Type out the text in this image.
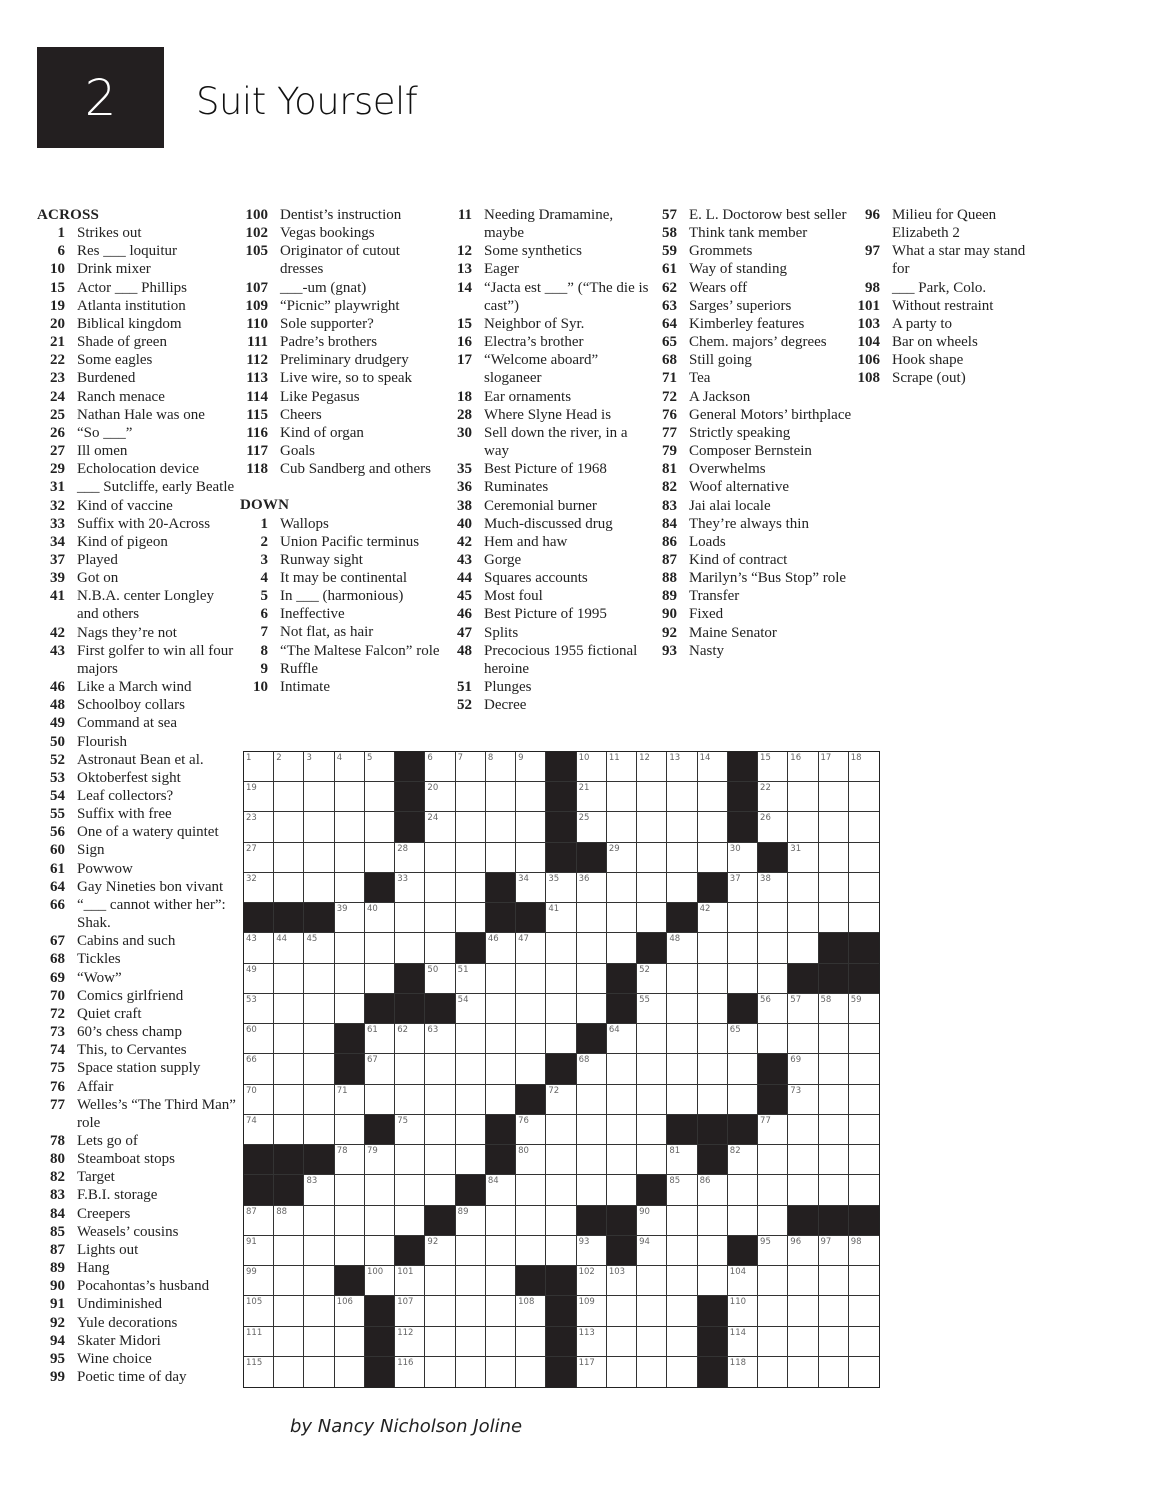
2 Suit Yourself
ACROSS
1 Strikes out
6 Res ___ loquitur
10 Drink mixer
15 Actor ___ Phillips
19 Atlanta institution
20 Biblical kingdom
21 Shade of green
22 Some eagles
23 Burdened
24 Ranch menace
25 Nathan Hale was one
26 “So ___”
27 Ill omen
29 Echolocation device
31 ___ Sutcliffe, early Beatle
32 Kind of vaccine
33 Suffix with 20-Across
34 Kind of pigeon
37 Played
39 Got on
41 N.B.A. center Longley and others
42 Nags they’re not
43 First golfer to win all four majors
46 Like a March wind
48 Schoolboy collars
49 Command at sea
50 Flourish
52 Astronaut Bean et al.
53 Oktoberfest sight
54 Leaf collectors?
55 Suffix with free
56 One of a watery quintet
60 Sign
61 Powwow
64 Gay Nineties bon vivant
66 “___ cannot wither her”: Shak.
67 Cabins and such
68 Tickles
69 “Wow”
70 Comics girlfriend
72 Quiet craft
73 60’s chess champ
74 This, to Cervantes
75 Space station supply
76 Affair
77 Welles’s “The Third Man” role
78 Lets go of
80 Steamboat stops
82 Target
83 F.B.I. storage
84 Creepers
85 Weasels’ cousins
87 Lights out
89 Hang
90 Pocahontas’s husband
91 Undiminished
92 Yule decorations
94 Skater Midori
95 Wine choice
99 Poetic time of day
100 Dentist’s instruction
102 Vegas bookings
105 Originator of cutout dresses
107 ___-um (gnat)
109 “Picnic” playwright
110 Sole supporter?
111 Padre’s brothers
112 Preliminary drudgery
113 Live wire, so to speak
114 Like Pegasus
115 Cheers
116 Kind of organ
117 Goals
118 Cub Sandberg and others
DOWN
1 Wallops
2 Union Pacific terminus
3 Runway sight
4 It may be continental
5 In ___ (harmonious)
6 Ineffective
7 Not flat, as hair
8 “The Maltese Falcon” role
9 Ruffle
10 Intimate
11 Needing Dramamine, maybe
12 Some synthetics
13 Eager
14 “Jacta est ___” (“The die is cast”)
15 Neighbor of Syr.
16 Electra’s brother
17 “Welcome aboard” sloganeer
18 Ear ornaments
28 Where Slyne Head is
30 Sell down the river, in a way
35 Best Picture of 1968
36 Ruminates
38 Ceremonial burner
40 Much-discussed drug
42 Hem and haw
43 Gorge
44 Squares accounts
45 Most foul
46 Best Picture of 1995
47 Splits
48 Precocious 1955 fictional heroine
51 Plunges
52 Decree
57 E. L. Doctorow best seller
58 Think tank member
59 Grommets
61 Way of standing
62 Wears off
63 Sarges’ superiors
64 Kimberley features
65 Chem. majors’ degrees
68 Still going
71 Tea
72 A Jackson
76 General Motors’ birthplace
77 Strictly speaking
79 Composer Bernstein
81 Overwhelms
82 Woof alternative
83 Jai alai locale
84 They’re always thin
86 Loads
87 Kind of contract
88 Marilyn’s “Bus Stop” role
89 Transfer
90 Fixed
92 Maine Senator
93 Nasty
96 Milieu for Queen Elizabeth 2
97 What a star may stand for
98 ___ Park, Colo.
101 Without restraint
103 A party to
104 Bar on wheels
106 Hook shape
108 Scrape (out)
1	2	3	4	5	6	7	8	9	10 11 12 13 14	15 16 17 18
19	20	21	22
23	24	25	26
27	28	29	30	31
32	33	34 35 36	37 38
39 40	41	42
43 44 45	46 47	48
49	50 51	52
53	54	55	56 57 58 59
60	61 62 63	64	65
66	67	68	69
70	71	72	73
74	75	76	77
78 79	80	81	82
83	84	85 86
87 88	89	90
91	92	93	94	95 96 97 98
99	100 101	102 103	104
105	106	107	108	109	110
111	112	113	114
115	116	117	118
by Nancy Nicholson Joline
